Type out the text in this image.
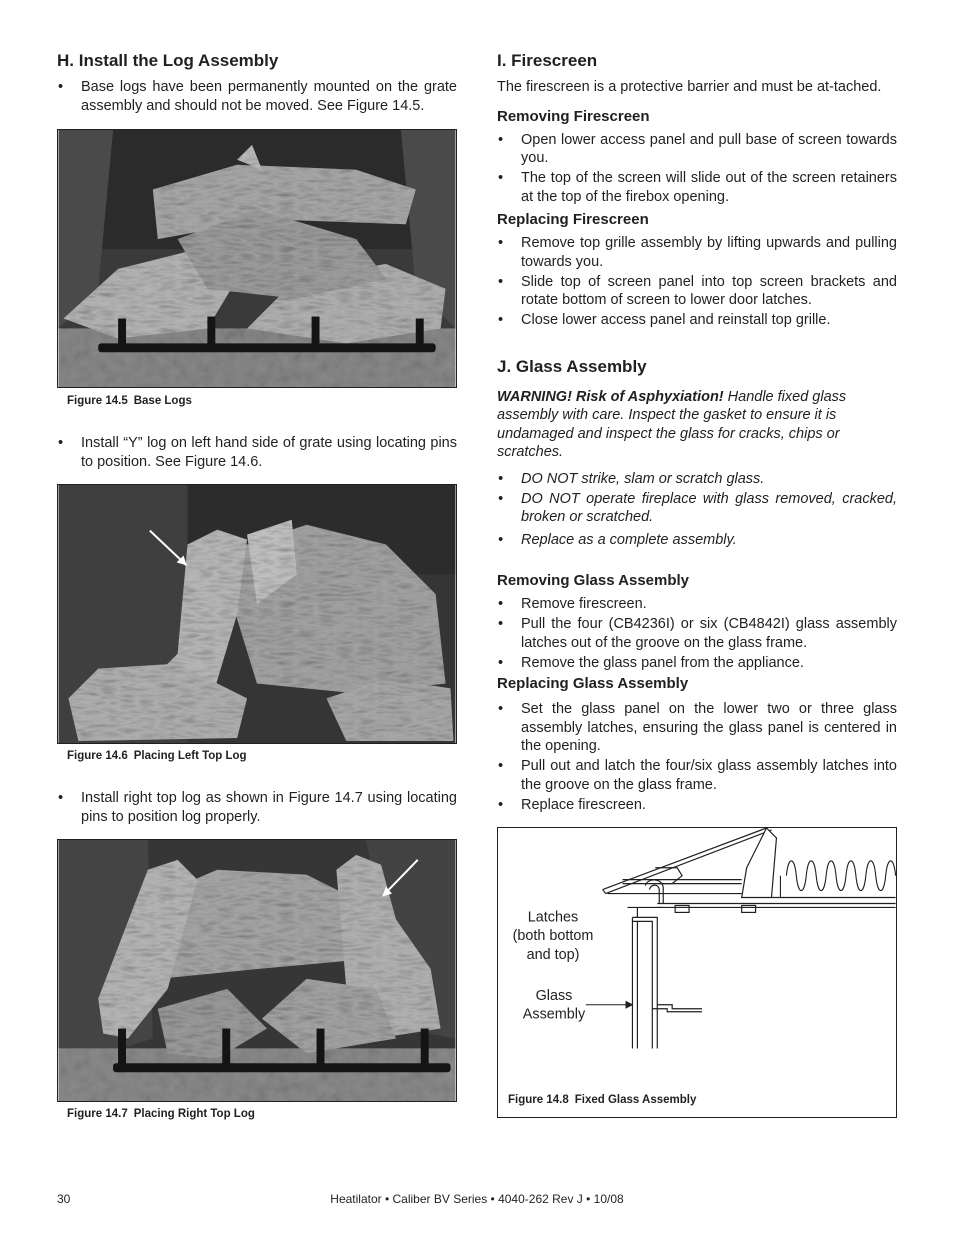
H. Install the Log Assembly
• Base logs have been permanently mounted on the grate assembly and should not be moved. See Figure 14.5.
Figure 14.5 Base Logs
• Install “Y” log on left hand side of grate using locating pins to position. See Figure 14.6.
Figure 14.6 Placing Left Top Log
• Install right top log as shown in Figure 14.7 using locating pins to position log properly.
Figure 14.7 Placing Right Top Log
I. Firescreen

The firescreen is a protective barrier and must be at-tached.

Removing Firescreen
• Open lower access panel and pull base of screen towards you.
• The top of the screen will slide out of the screen retainers at the top of the firebox opening.
Replacing Firescreen
• Remove top grille assembly by lifting upwards and pulling towards you.
• Slide top of screen panel into top screen brackets and rotate bottom of screen to lower door latches.
• Close lower access panel and reinstall top grille.
J. Glass Assembly

WARNING! Risk of Asphyxiation! Handle fixed glass assembly with care. Inspect the gasket to ensure it is undamaged and inspect the glass for cracks, chips or scratches.

• DO NOT strike, slam or scratch glass.
• DO NOT operate fireplace with glass removed, cracked, broken or scratched.
• Replace as a complete assembly.
Removing Glass Assembly
• Remove firescreen.
• Pull the four (CB4236I) or six (CB4842I) glass assembly latches out of the groove on the glass frame.
• Remove the glass panel from the appliance.
Replacing Glass Assembly
• Set the glass panel on the lower two or three glass assembly latches, ensuring the glass panel is centered in the opening.
• Pull out and latch the four/six glass assembly latches into the groove on the glass frame.
• Replace firescreen.
Latches
(both bottom
and top)
Glass
Assembly
Figure 14.8 Fixed Glass Assembly
30	Heatilator • Caliber BV Series • 4040-262 Rev J • 10/08
